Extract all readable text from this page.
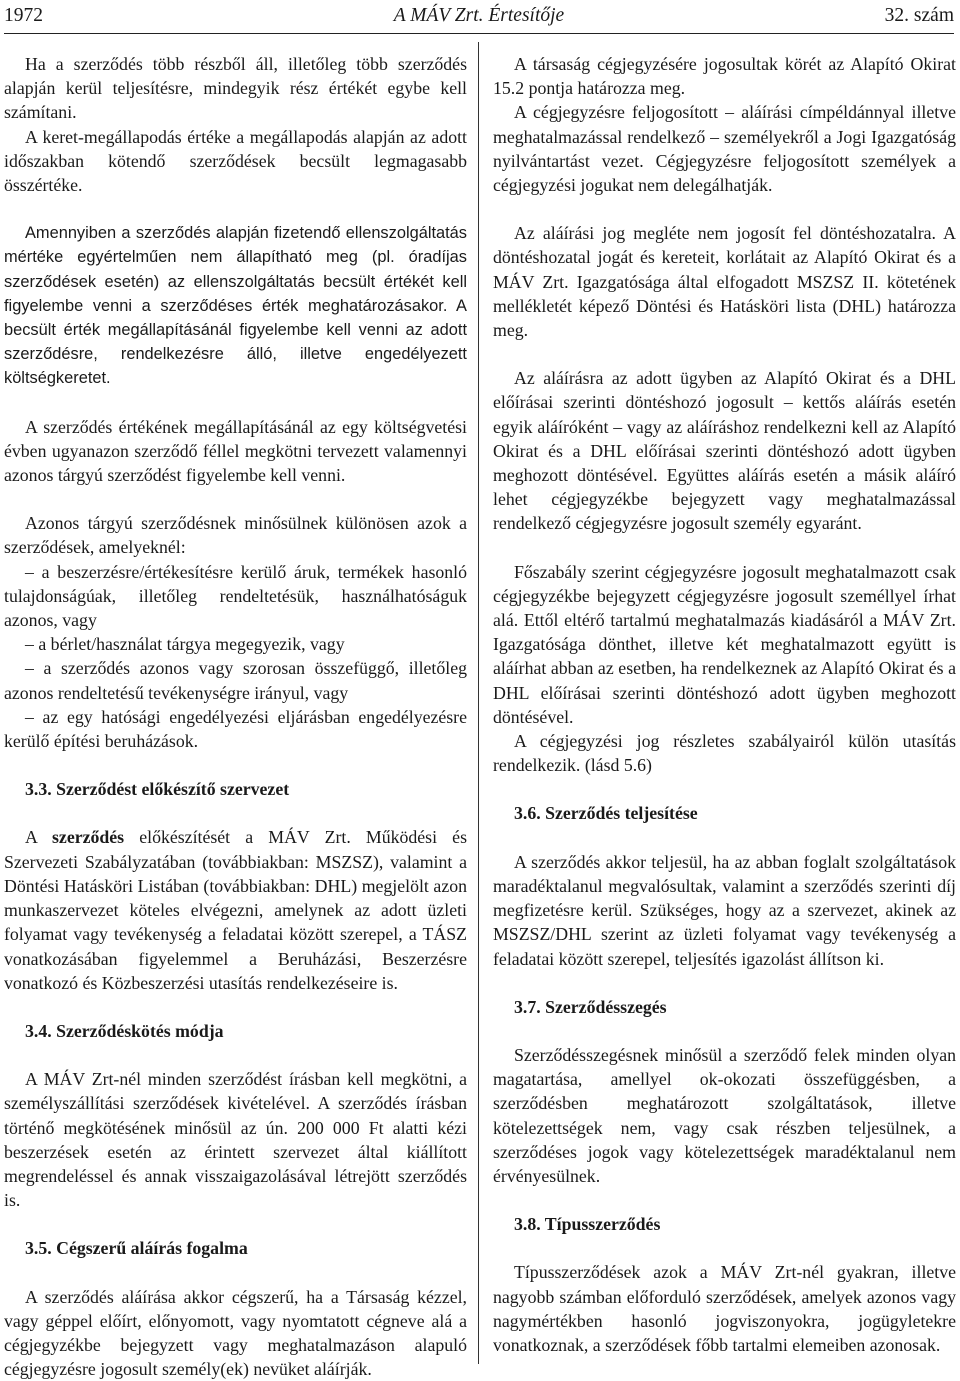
1972	A MÁV Zrt. Értesítője	32. szám

Ha a szerződés több részből áll, illetőleg több szerződés alapján kerül teljesítésre, mindegyik rész értékét egybe kell számítani.

A keret-megállapodás értéke a megállapodás alapján az adott időszakban kötendő szerződések becsült legmagasabb összértéke.

Amennyiben a szerződés alapján fizetendő ellenszolgáltatás mértéke egyértelműen nem állapítható meg (pl. óradíjas szerződések esetén) az ellenszolgáltatás becsült értékét kell figyelembe venni a szerződéses érték meghatározásakor. A becsült érték megállapításánál figyelembe kell venni az adott szerződésre, rendelkezésre álló, illetve engedélyezett költségkeretet.

A szerződés értékének megállapításánál az egy költségvetési évben ugyanazon szerződő féllel megkötni tervezett valamennyi azonos tárgyú szerződést figyelembe kell venni.

Azonos tárgyú szerződésnek minősülnek különösen azok a szerződések, amelyeknél:

– a beszerzésre/értékesítésre kerülő áruk, termékek hasonló tulajdonságúak, illetőleg rendeltetésük, használhatóságuk azonos, vagy

– a bérlet/használat tárgya megegyezik, vagy

– a szerződés azonos vagy szorosan összefüggő, illetőleg azonos rendeltetésű tevékenységre irányul, vagy

– az egy hatósági engedélyezési eljárásban engedélyezésre kerülő építési beruházások.

3.3. Szerződést előkészítő szervezet

A szerződés előkészítését a MÁV Zrt. Működési és Szervezeti Szabályzatában (továbbiakban: MSZSZ), valamint a Döntési Hatásköri Listában (továbbiakban: DHL) megjelölt azon munkaszervezet köteles elvégezni, amelynek az adott üzleti folyamat vagy tevékenység a feladatai között szerepel, a TÁSZ vonatkozásában figyelemmel a Beruházási, Beszerzésre vonatkozó és Közbeszerzési utasítás rendelkezéseire is.

3.4. Szerződéskötés módja

A MÁV Zrt-nél minden szerződést írásban kell megkötni, a személyszállítási szerződések kivételével. A szerződés írásban történő megkötésének minősül az ún. 200 000 Ft alatti kézi beszerzések esetén az érintett szervezet által kiállított megrendeléssel és annak visszaigazolásával létrejött szerződés is.

3.5. Cégszerű aláírás fogalma

A szerződés aláírása akkor cégszerű, ha a Társaság kézzel, vagy géppel előírt, előnyomott, vagy nyomtatott cégneve alá a cégjegyzékbe bejegyzett vagy meghatalmazáson alapuló cégjegyzésre jogosult személy(ek) nevüket aláírják.

A társaság cégjegyzésére jogosultak körét az Alapító Okirat 15.2 pontja határozza meg.

A cégjegyzésre feljogosított – aláírási címpéldánnyal illetve meghatalmazással rendelkező – személyekről a Jogi Igazgatóság nyilvántartást vezet. Cégjegyzésre feljogosított személyek a cégjegyzési jogukat nem delegálhatják.

Az aláírási jog megléte nem jogosít fel döntéshozatalra. A döntéshozatal jogát és kereteit, korlátait az Alapító Okirat és a MÁV Zrt. Igazgatósága által elfogadott MSZSZ II. kötetének mellékletét képező Döntési és Hatásköri lista (DHL) határozza meg.

Az aláírásra az adott ügyben az Alapító Okirat és a DHL előírásai szerinti döntéshozó jogosult – kettős aláírás esetén egyik aláíróként – vagy az aláíráshoz rendelkezni kell az Alapító Okirat és a DHL előírásai szerinti döntéshozó adott ügyben meghozott döntésével. Együttes aláírás esetén a másik aláíró lehet cégjegyzékbe bejegyzett vagy meghatalmazással rendelkező cégjegyzésre jogosult személy egyaránt.

Főszabály szerint cégjegyzésre jogosult meghatalmazott csak cégjegyzékbe bejegyzett cégjegyzésre jogosult személlyel írhat alá. Ettől eltérő tartalmú meghatalmazás kiadásáról a MÁV Zrt. Igazgatósága dönthet, illetve két meghatalmazott együtt is aláírhat abban az esetben, ha rendelkeznek az Alapító Okirat és a DHL előírásai szerinti döntéshozó adott ügyben meghozott döntésével.

A cégjegyzési jog részletes szabályairól külön utasítás rendelkezik. (lásd 5.6)

3.6. Szerződés teljesítése

A szerződés akkor teljesül, ha az abban foglalt szolgáltatások maradéktalanul megvalósultak, valamint a szerződés szerinti díj megfizetésre kerül. Szükséges, hogy az a szervezet, akinek az MSZSZ/DHL szerint az üzleti folyamat vagy tevékenység a feladatai között szerepel, teljesítés igazolást állítson ki.

3.7. Szerződésszegés

Szerződésszegésnek minősül a szerződő felek minden olyan magatartása, amellyel ok-okozati összefüggésben, a szerződésben meghatározott szolgáltatások, illetve kötelezettségek nem, vagy csak részben teljesülnek, a szerződéses jogok vagy kötelezettségek maradéktalanul nem érvényesülnek.

3.8. Típusszerződés

Típusszerződések azok a MÁV Zrt-nél gyakran, illetve nagyobb számban előforduló szerződések, amelyek azonos vagy nagymértékben hasonló jogviszonyokra, jogügyletekre vonatkoznak, a szerződések főbb tartalmi elemeiben azonosak.
